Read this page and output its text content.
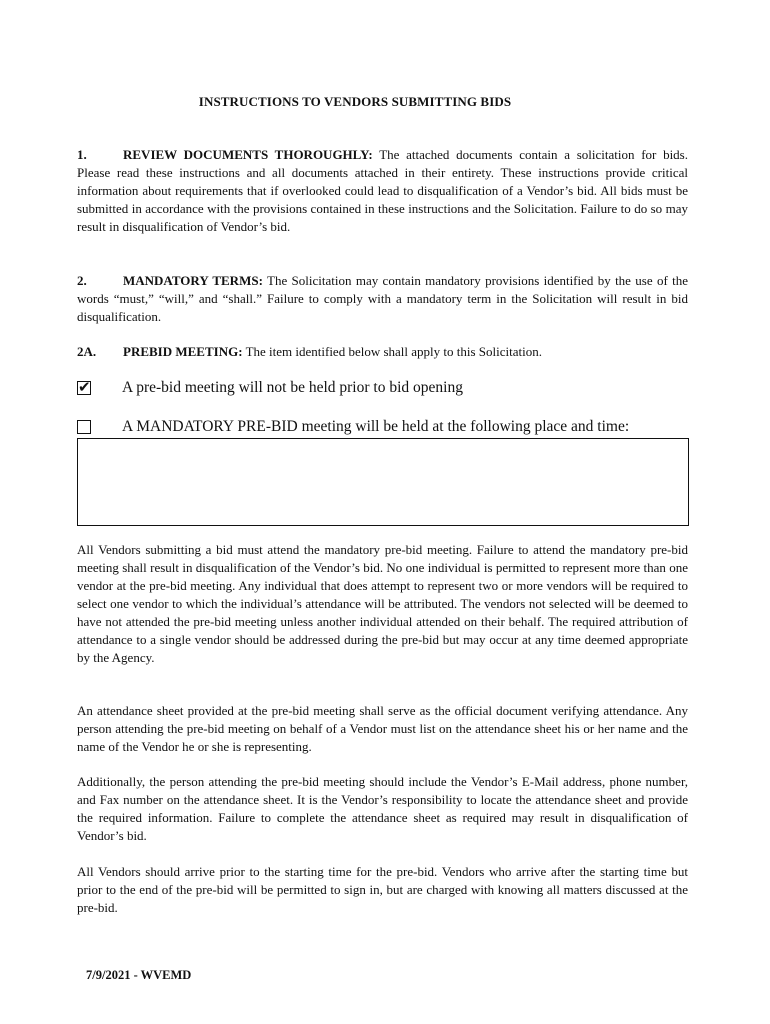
INSTRUCTIONS TO VENDORS SUBMITTING BIDS

1.	REVIEW DOCUMENTS THOROUGHLY: The attached documents contain a solicitation for bids. Please read these instructions and all documents attached in their entirety. These instructions provide critical information about requirements that if overlooked could lead to disqualification of a Vendor’s bid. All bids must be submitted in accordance with the provisions contained in these instructions and the Solicitation. Failure to do so may result in disqualification of Vendor’s bid.

2.	MANDATORY TERMS: The Solicitation may contain mandatory provisions identified by the use of the words “must,” “will,” and “shall.” Failure to comply with a mandatory term in the Solicitation will result in bid disqualification.

2A. PREBID MEETING: The item identified below shall apply to this Solicitation.

✔ A pre-bid meeting will not be held prior to bid opening
A MANDATORY PRE-BID meeting will be held at the following place and time:

All Vendors submitting a bid must attend the mandatory pre-bid meeting. Failure to attend the mandatory pre-bid meeting shall result in disqualification of the Vendor’s bid. No one individual is permitted to represent more than one vendor at the pre-bid meeting. Any individual that does attempt to represent two or more vendors will be required to select one vendor to which the individual’s attendance will be attributed. The vendors not selected will be deemed to have not attended the pre-bid meeting unless another individual attended on their behalf. The required attribution of attendance to a single vendor should be addressed during the pre-bid but may occur at any time deemed appropriate by the Agency.

An attendance sheet provided at the pre-bid meeting shall serve as the official document verifying attendance. Any person attending the pre-bid meeting on behalf of a Vendor must list on the attendance sheet his or her name and the name of the Vendor he or she is representing.

Additionally, the person attending the pre-bid meeting should include the Vendor’s E-Mail address, phone number, and Fax number on the attendance sheet. It is the Vendor’s responsibility to locate the attendance sheet and provide the required information. Failure to complete the attendance sheet as required may result in disqualification of Vendor’s bid.

All Vendors should arrive prior to the starting time for the pre-bid. Vendors who arrive after the starting time but prior to the end of the pre-bid will be permitted to sign in, but are charged with knowing all matters discussed at the pre-bid.

7/9/2021 - WVEMD
